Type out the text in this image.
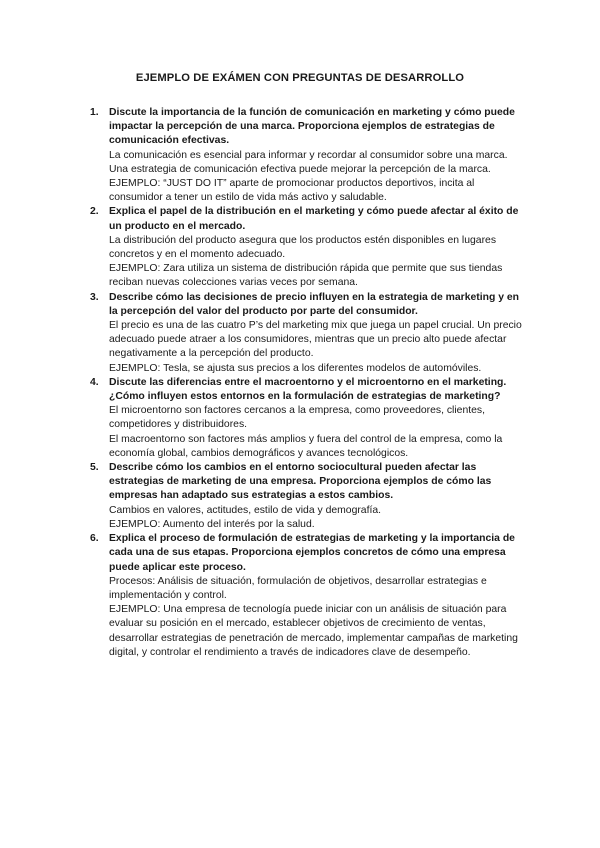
EJEMPLO DE EXÁMEN CON PREGUNTAS DE DESARROLLO
1. Discute la importancia de la función de comunicación en marketing y cómo puede impactar la percepción de una marca. Proporciona ejemplos de estrategias de comunicación efectivas.

La comunicación es esencial para informar y recordar al consumidor sobre una marca. Una estrategia de comunicación efectiva puede mejorar la percepción de la marca.

EJEMPLO: “JUST DO IT” aparte de promocionar productos deportivos, incita al consumidor a tener un estilo de vida más activo y saludable.

2. Explica el papel de la distribución en el marketing y cómo puede afectar al éxito de un producto en el mercado.

La distribución del producto asegura que los productos estén disponibles en lugares concretos y en el momento adecuado.

EJEMPLO: Zara utiliza un sistema de distribución rápida que permite que sus tiendas reciban nuevas colecciones varias veces por semana.

3. Describe cómo las decisiones de precio influyen en la estrategia de marketing y en la percepción del valor del producto por parte del consumidor.

El precio es una de las cuatro P’s del marketing mix que juega un papel crucial. Un precio adecuado puede atraer a los consumidores, mientras que un precio alto puede afectar negativamente a la percepción del producto.

EJEMPLO: Tesla, se ajusta sus precios a los diferentes modelos de automóviles.

4. Discute las diferencias entre el macroentorno y el microentorno en el marketing. ¿Cómo influyen estos entornos en la formulación de estrategias de marketing?

El microentorno son factores cercanos a la empresa, como proveedores, clientes, competidores y distribuidores.

El macroentorno son factores más amplios y fuera del control de la empresa, como la economía global, cambios demográficos y avances tecnológicos.

5. Describe cómo los cambios en el entorno sociocultural pueden afectar las estrategias de marketing de una empresa. Proporciona ejemplos de cómo las empresas han adaptado sus estrategias a estos cambios.

Cambios en valores, actitudes, estilo de vida y demografía.

EJEMPLO: Aumento del interés por la salud.

6. Explica el proceso de formulación de estrategias de marketing y la importancia de cada una de sus etapas. Proporciona ejemplos concretos de cómo una empresa puede aplicar este proceso.

Procesos: Análisis de situación, formulación de objetivos, desarrollar estrategias e implementación y control.

EJEMPLO: Una empresa de tecnología puede iniciar con un análisis de situación para evaluar su posición en el mercado, establecer objetivos de crecimiento de ventas, desarrollar estrategias de penetración de mercado, implementar campañas de marketing digital, y controlar el rendimiento a través de indicadores clave de desempeño.
